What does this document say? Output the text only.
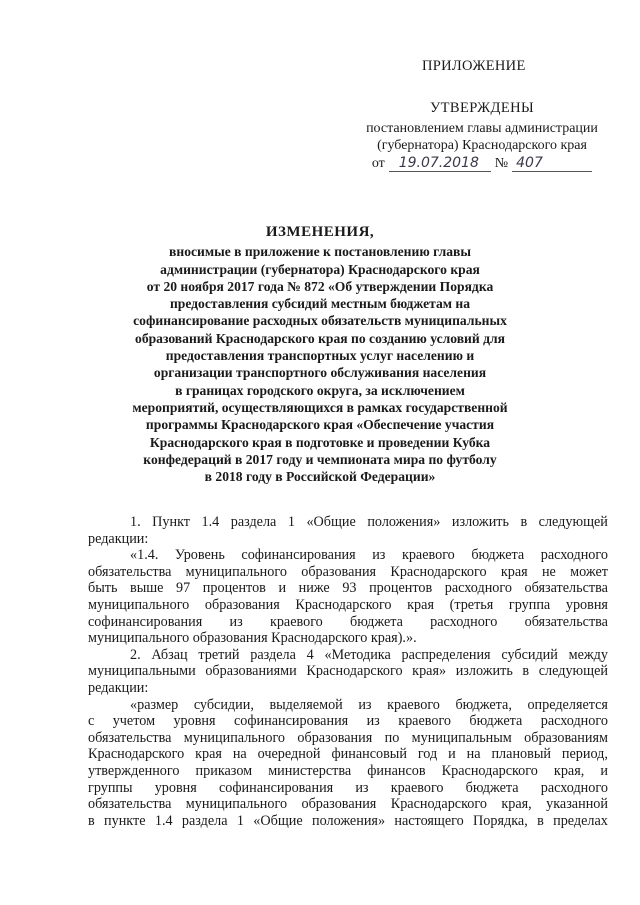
ПРИЛОЖЕНИЕ
УТВЕРЖДЕНЫ
постановлением главы администрации
(губернатора) Краснодарского края
от 19.07.2018	№ 407
ИЗМЕНЕНИЯ,
вносимые в приложение к постановлению главы
администрации (губернатора) Краснодарского края
от 20 ноября 2017 года № 872 «Об утверждении Порядка
предоставления субсидий местным бюджетам на
софинансирование расходных обязательств муниципальных
образований Краснодарского края по созданию условий для
предоставления транспортных услуг населению и
организации транспортного обслуживания населения
в границах городского округа, за исключением
мероприятий, осуществляющихся в рамках государственной
программы Краснодарского края «Обеспечение участия
Краснодарского края в подготовке и проведении Кубка
конфедераций в 2017 году и чемпионата мира по футболу
в 2018 году в Российской Федерации»
1. Пункт 1.4 раздела 1 «Общие положения» изложить в следующей
редакции:
«1.4. Уровень софинансирования из краевого бюджета расходного
обязательства муниципального образования Краснодарского края не может
быть выше 97 процентов и ниже 93 процентов расходного обязательства
муниципального образования Краснодарского края (третья группа уровня
софинансирования из краевого бюджета расходного обязательства
муниципального образования Краснодарского края).».
2. Абзац третий раздела 4 «Методика распределения субсидий между
муниципальными образованиями Краснодарского края» изложить в следующей
редакции:
«размер субсидии, выделяемой из краевого бюджета, определяется
с учетом уровня софинансирования из краевого бюджета расходного
обязательства муниципального образования по муниципальным образованиям
Краснодарского края на очередной финансовый год и на плановый период,
утвержденного приказом министерства финансов Краснодарского края, и
группы уровня софинансирования из краевого бюджета расходного
обязательства муниципального образования Краснодарского края, указанной
в пункте 1.4 раздела 1 «Общие положения» настоящего Порядка, в пределах
